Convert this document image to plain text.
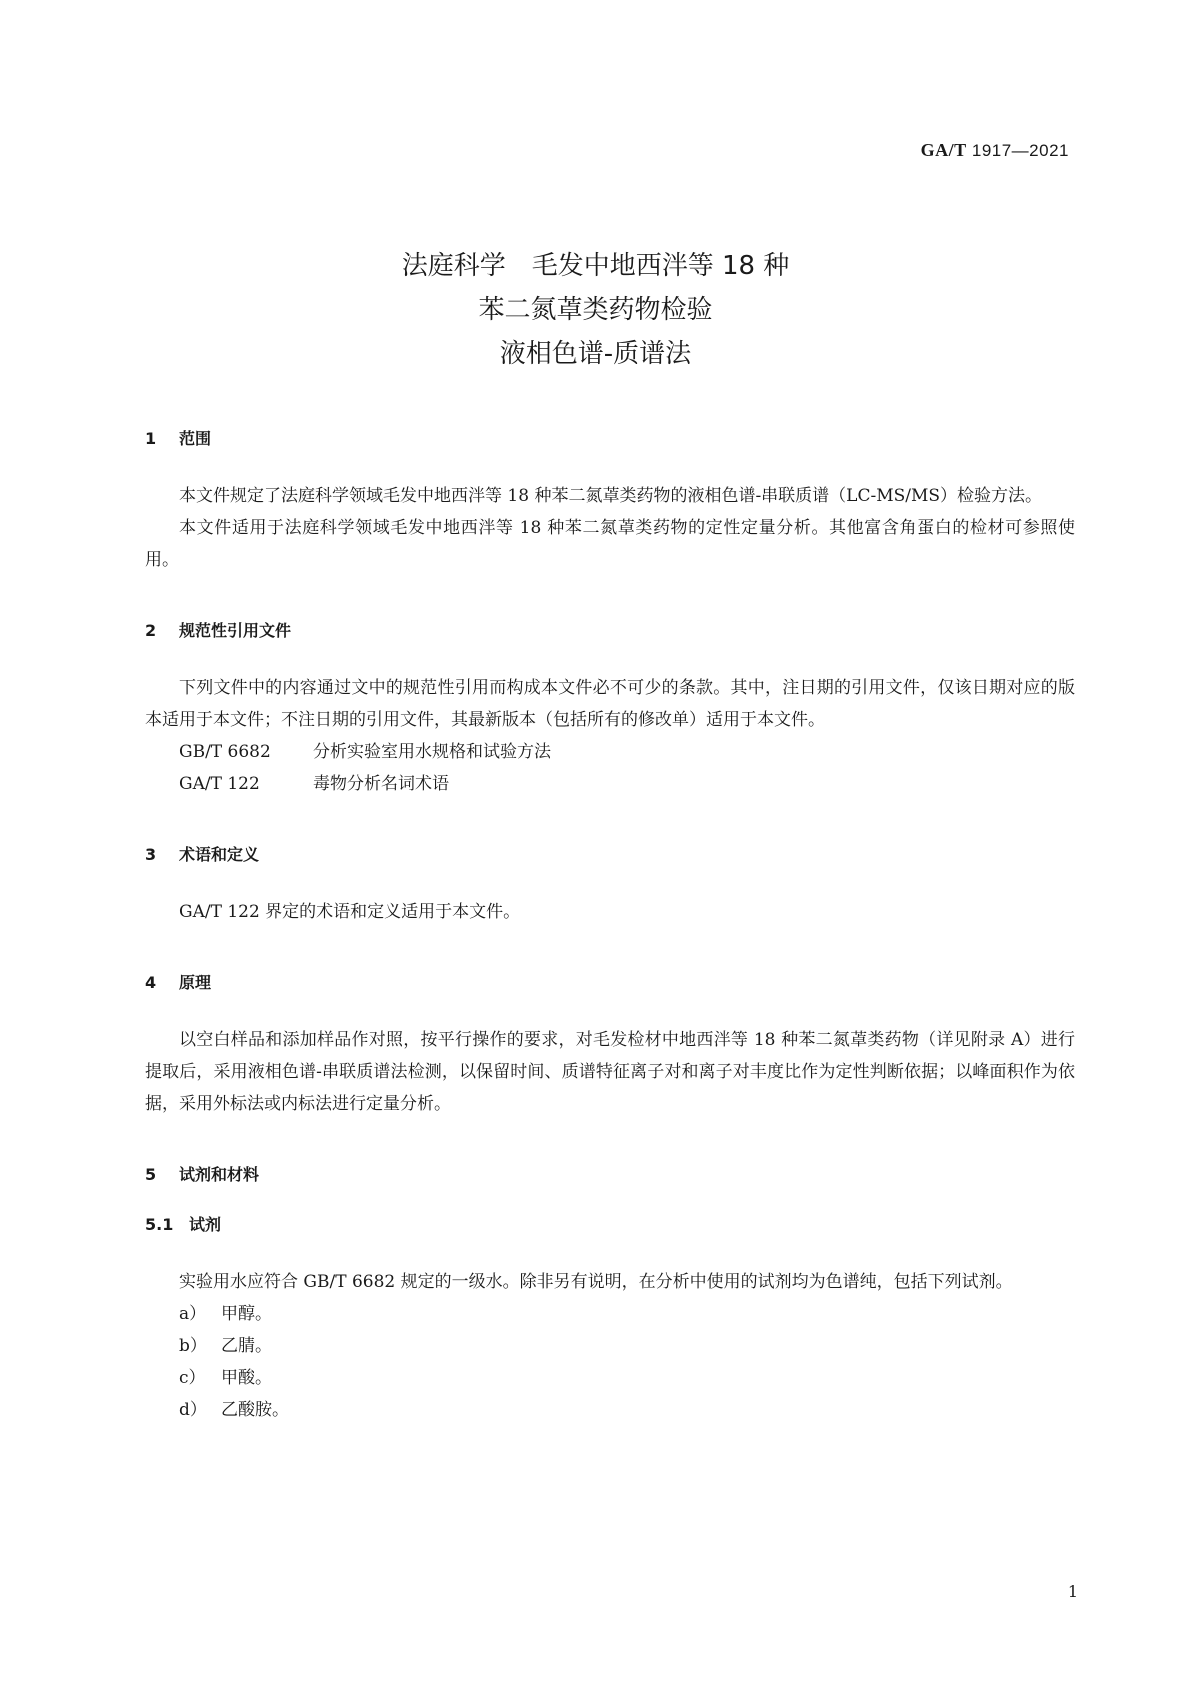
GA/T 1917—2021
法庭科学　毛发中地西泮等 18 种
苯二氮䓬类药物检验
液相色谱-质谱法
1 范围

本文件规定了法庭科学领域毛发中地西泮等 18 种苯二氮䓬类药物的液相色谱-串联质谱（LC-MS/MS）检验方法。

本文件适用于法庭科学领域毛发中地西泮等 18 种苯二氮䓬类药物的定性定量分析。其他富含角蛋白的检材可参照使用。

2 规范性引用文件

下列文件中的内容通过文中的规范性引用而构成本文件必不可少的条款。其中，注日期的引用文件，仅该日期对应的版本适用于本文件；不注日期的引用文件，其最新版本（包括所有的修改单）适用于本文件。

GB/T 6682 分析实验室用水规格和试验方法
GA/T 122	毒物分析名词术语
3 术语和定义

GA/T 122 界定的术语和定义适用于本文件。

4 原理

以空白样品和添加样品作对照，按平行操作的要求，对毛发检材中地西泮等 18 种苯二氮䓬类药物（详见附录 A）进行提取后，采用液相色谱-串联质谱法检测，以保留时间、质谱特征离子对和离子对丰度比作为定性判断依据；以峰面积作为依据，采用外标法或内标法进行定量分析。

5 试剂和材料
5.1 试剂

实验用水应符合 GB/T 6682 规定的一级水。除非另有说明，在分析中使用的试剂均为色谱纯，包括下列试剂。

a） 甲醇。
b） 乙腈。
c） 甲酸。
d） 乙酸胺。
1
